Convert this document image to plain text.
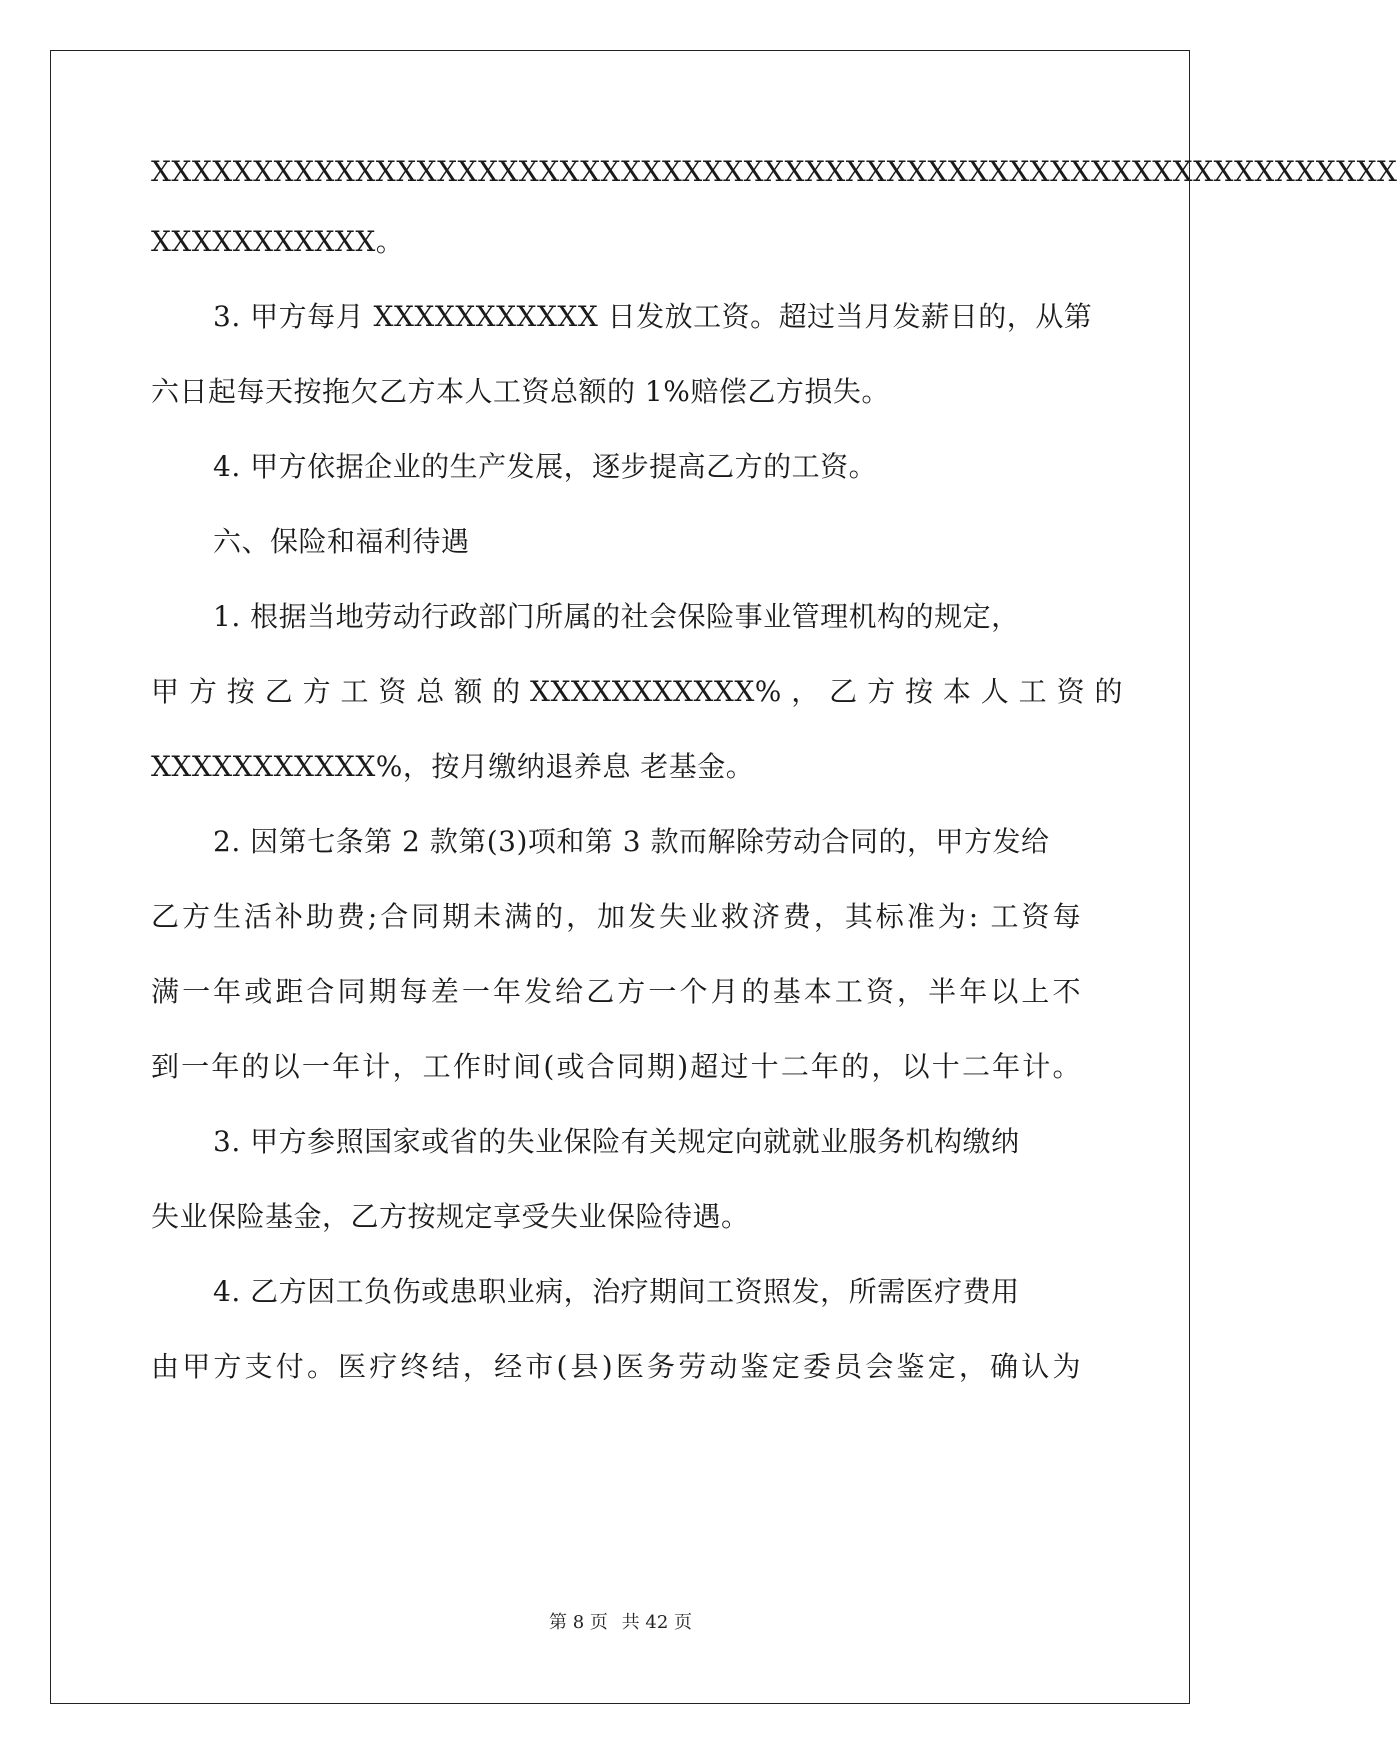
XXXXXXXXXXXXXXXXXXXXXXXXXXXXXXXXXXXXXXXXXXXXXXXXXXXXXXXXXXXXX
XXXXXXXXXXX。
3. 甲方每月 XXXXXXXXXXX 日发放工资。超过当月发薪日的，从第
六日起每天按拖欠乙方本人工资总额的 1%赔偿乙方损失。
4. 甲方依据企业的生产发展，逐步提高乙方的工资。
六、保险和福利待遇
1. 根据当地劳动行政部门所属的社会保险事业管理机构的规定，
甲 方 按 乙 方 工 资 总 额 的 XXXXXXXXXXX% ， 乙 方 按 本 人 工 资 的
XXXXXXXXXXX%，按月缴纳退养息 老基金。
2. 因第七条第 2 款第(3)项和第 3 款而解除劳动合同的，甲方发给
乙方生活补助费;合同期未满的，加发失业救济费，其标准为: 工资每
满一年或距合同期每差一年发给乙方一个月的基本工资，半年以上不
到一年的以一年计，工作时间(或合同期)超过十二年的，以十二年计。
3. 甲方参照国家或省的失业保险有关规定向就就业服务机构缴纳
失业保险基金，乙方按规定享受失业保险待遇。
4. 乙方因工负伤或患职业病，治疗期间工资照发，所需医疗费用
由甲方支付。医疗终结，经市(县)医务劳动鉴定委员会鉴定，确认为
第 8 页 共 42 页
